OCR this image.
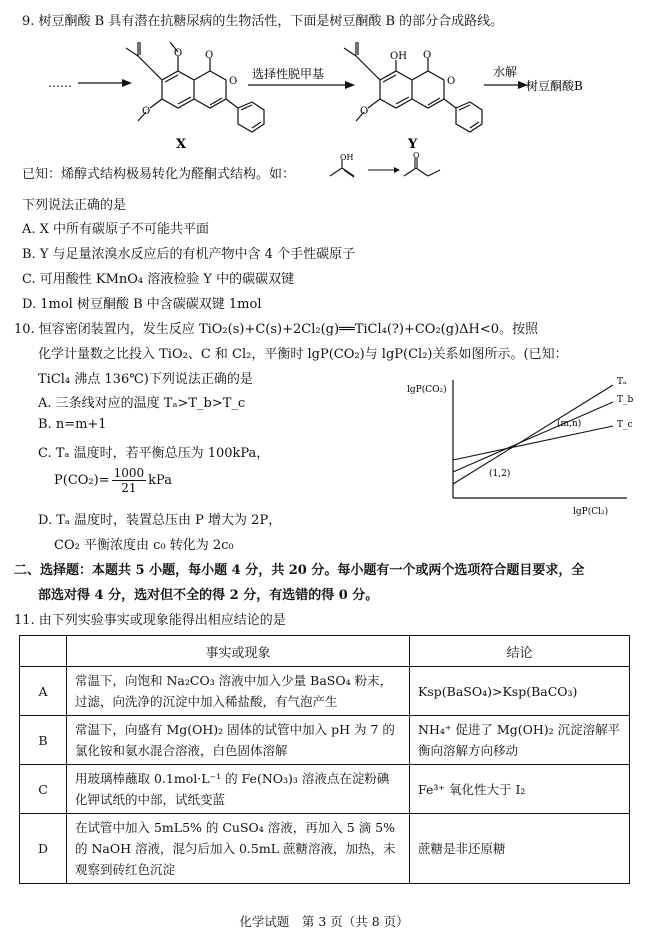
9. 树豆酮酸 B 具有潜在抗糖尿病的生物活性，下面是树豆酮酸 B 的部分合成路线。
……
O
O
O
O
X
选择性脱甲基
OH O
O
O
Y
水解
树豆酮酸B
已知：烯醇式结构极易转化为醛酮式结构。如：
OH	O
下列说法正确的是
A. X 中所有碳原子不可能共平面
B. Y 与足量浓溴水反应后的有机产物中含 4 个手性碳原子
C. 可用酸性 KMnO₄ 溶液检验 Y 中的碳碳双键
D. 1mol 树豆酮酸 B 中含碳碳双键 1mol
10. 恒容密闭装置内，发生反应 TiO₂(s)+C(s)+2Cl₂(g)══TiCl₄(?)+CO₂(g)ΔH<0。按照
化学计量数之比投入 TiO₂、C 和 Cl₂，平衡时 lgP(CO₂)与 lgP(Cl₂)关系如图所示。(已知：
TiCl₄ 沸点 136℃)下列说法正确的是
A. 三条线对应的温度 Tₐ>T_b>T_c
B. n=m+1
C. Tₐ 温度时，若平衡总压为 100kPa，
$P(CO_2)= \frac{1000}{21}$ kPa
D. Tₐ 温度时，装置总压由 P 增大为 2P，
CO₂ 平衡浓度由 c₀ 转化为 2c₀
lgP(CO₂)
lgP(Cl₂)
Tₐ
T_b
T_c
(1,2)
(m,n)
二、选择题：本题共 5 小题，每小题 4 分，共 20 分。每小题有一个或两个选项符合题目要求，全
部选对得 4 分，选对但不全的得 2 分，有选错的得 0 分。
11. 由下列实验事实或现象能得出相应结论的是
	事实或现象	结论
A	常温下，向饱和 Na₂CO₃ 溶液中加入少量 BaSO₄ 粉末，过滤，向洗净的沉淀中加入稀盐酸，有气泡产生	Ksp(BaSO₄)>Ksp(BaCO₃)
B	常温下，向盛有 Mg(OH)₂ 固体的试管中加入 pH 为 7 的氯化铵和氨水混合溶液，白色固体溶解	NH₄⁺ 促进了 Mg(OH)₂ 沉淀溶解平衡向溶解方向移动
C	用玻璃棒蘸取 0.1mol·L⁻¹ 的 Fe(NO₃)₃ 溶液点在淀粉碘化钾试纸的中部，试纸变蓝	Fe³⁺ 氧化性大于 I₂
D	在试管中加入 5mL5% 的 CuSO₄ 溶液，再加入 5 滴 5% 的 NaOH 溶液，混匀后加入 0.5mL 蔗糖溶液，加热，未观察到砖红色沉淀	蔗糖是非还原糖
化学试题　第 3 页（共 8 页）
